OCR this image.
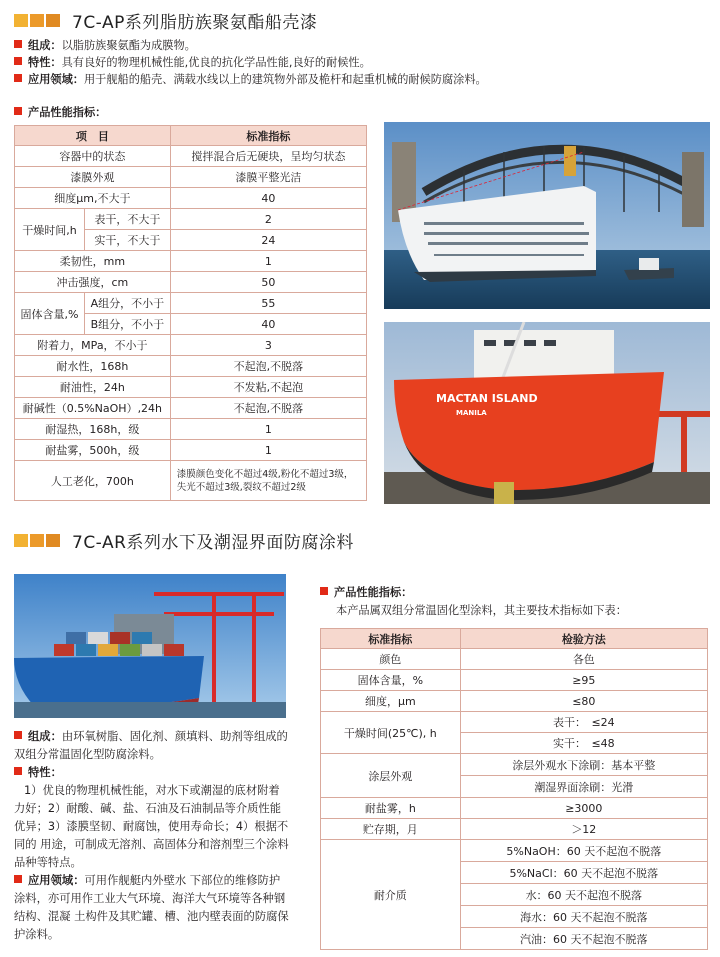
7C-AP系列脂肪族聚氨酯船壳漆
组成：以脂肪族聚氨酯为成膜物。
特性：具有良好的物理机械性能,优良的抗化学品性能,良好的耐候性。
应用领域：用于舰船的船壳、满载水线以上的建筑物外部及桅杆和起重机械的耐候防腐涂料。
产品性能指标：
项　目		标准指标
容器中的状态		搅拌混合后无硬块，呈均匀状态
漆膜外观		漆膜平整光洁
细度μm,不大于		40
干燥时间,h	表干，不大于	2
	实干，不大于	24
柔韧性，mm		1
冲击强度，cm		50
固体含量,%	A组分，不小于	55
	B组分，不小于	40
附着力，MPa，不小于		3
耐水性，168h		不起泡,不脱落
耐油性，24h		不发粘,不起泡
耐碱性（0.5%NaOH）,24h		不起泡,不脱落
耐湿热，168h，级		1
耐盐雾，500h，级		1
人工老化，700h		漆膜颜色变化不超过4级,粉化不超过3级，失光不超过3级,裂纹不超过2级
MACTAN ISLAND
MANILA
7C-AR系列水下及潮湿界面防腐涂料
组成：由环氧树脂、固化剂、颜填料、助剂等组成的双组分常温固化型防腐涂料。
特性：
1）优良的物理机械性能，对水下或潮湿的底材附着力好；2）耐酸、碱、盐、石油及石油制品等介质性能优异；3）漆膜坚韧、耐腐蚀，使用寿命长；4）根据不同的 用途，可制成无溶剂、高固体分和溶剂型三个涂料品种等特点。
应用领域：可用作舰艇内外壁水 下部位的维修防护涂料，亦可用作工业大气环境、海洋大气环境等各种钢结构、混凝 土构件及其贮罐、槽、池内壁表面的防腐保护涂料。
产品性能指标：
本产品属双组分常温固化型涂料，其主要技术指标如下表：
标准指标	检验方法
颜色	各色
固体含量，%	≥95
细度，μm	≤80
干燥时间(25℃), h	表干：　≤24
	实干：　≤48
涂层外观	涂层外观水下涂刷：基本平整
	潮湿界面涂刷：光滑
耐盐雾，h	≥3000
贮存期，月	＞12
耐介质	5%NaOH：60 天不起泡不脱落
	5%NaCl：60 天不起泡不脱落
	水：60 天不起泡不脱落
	海水：60 天不起泡不脱落
	汽油：60 天不起泡不脱落
